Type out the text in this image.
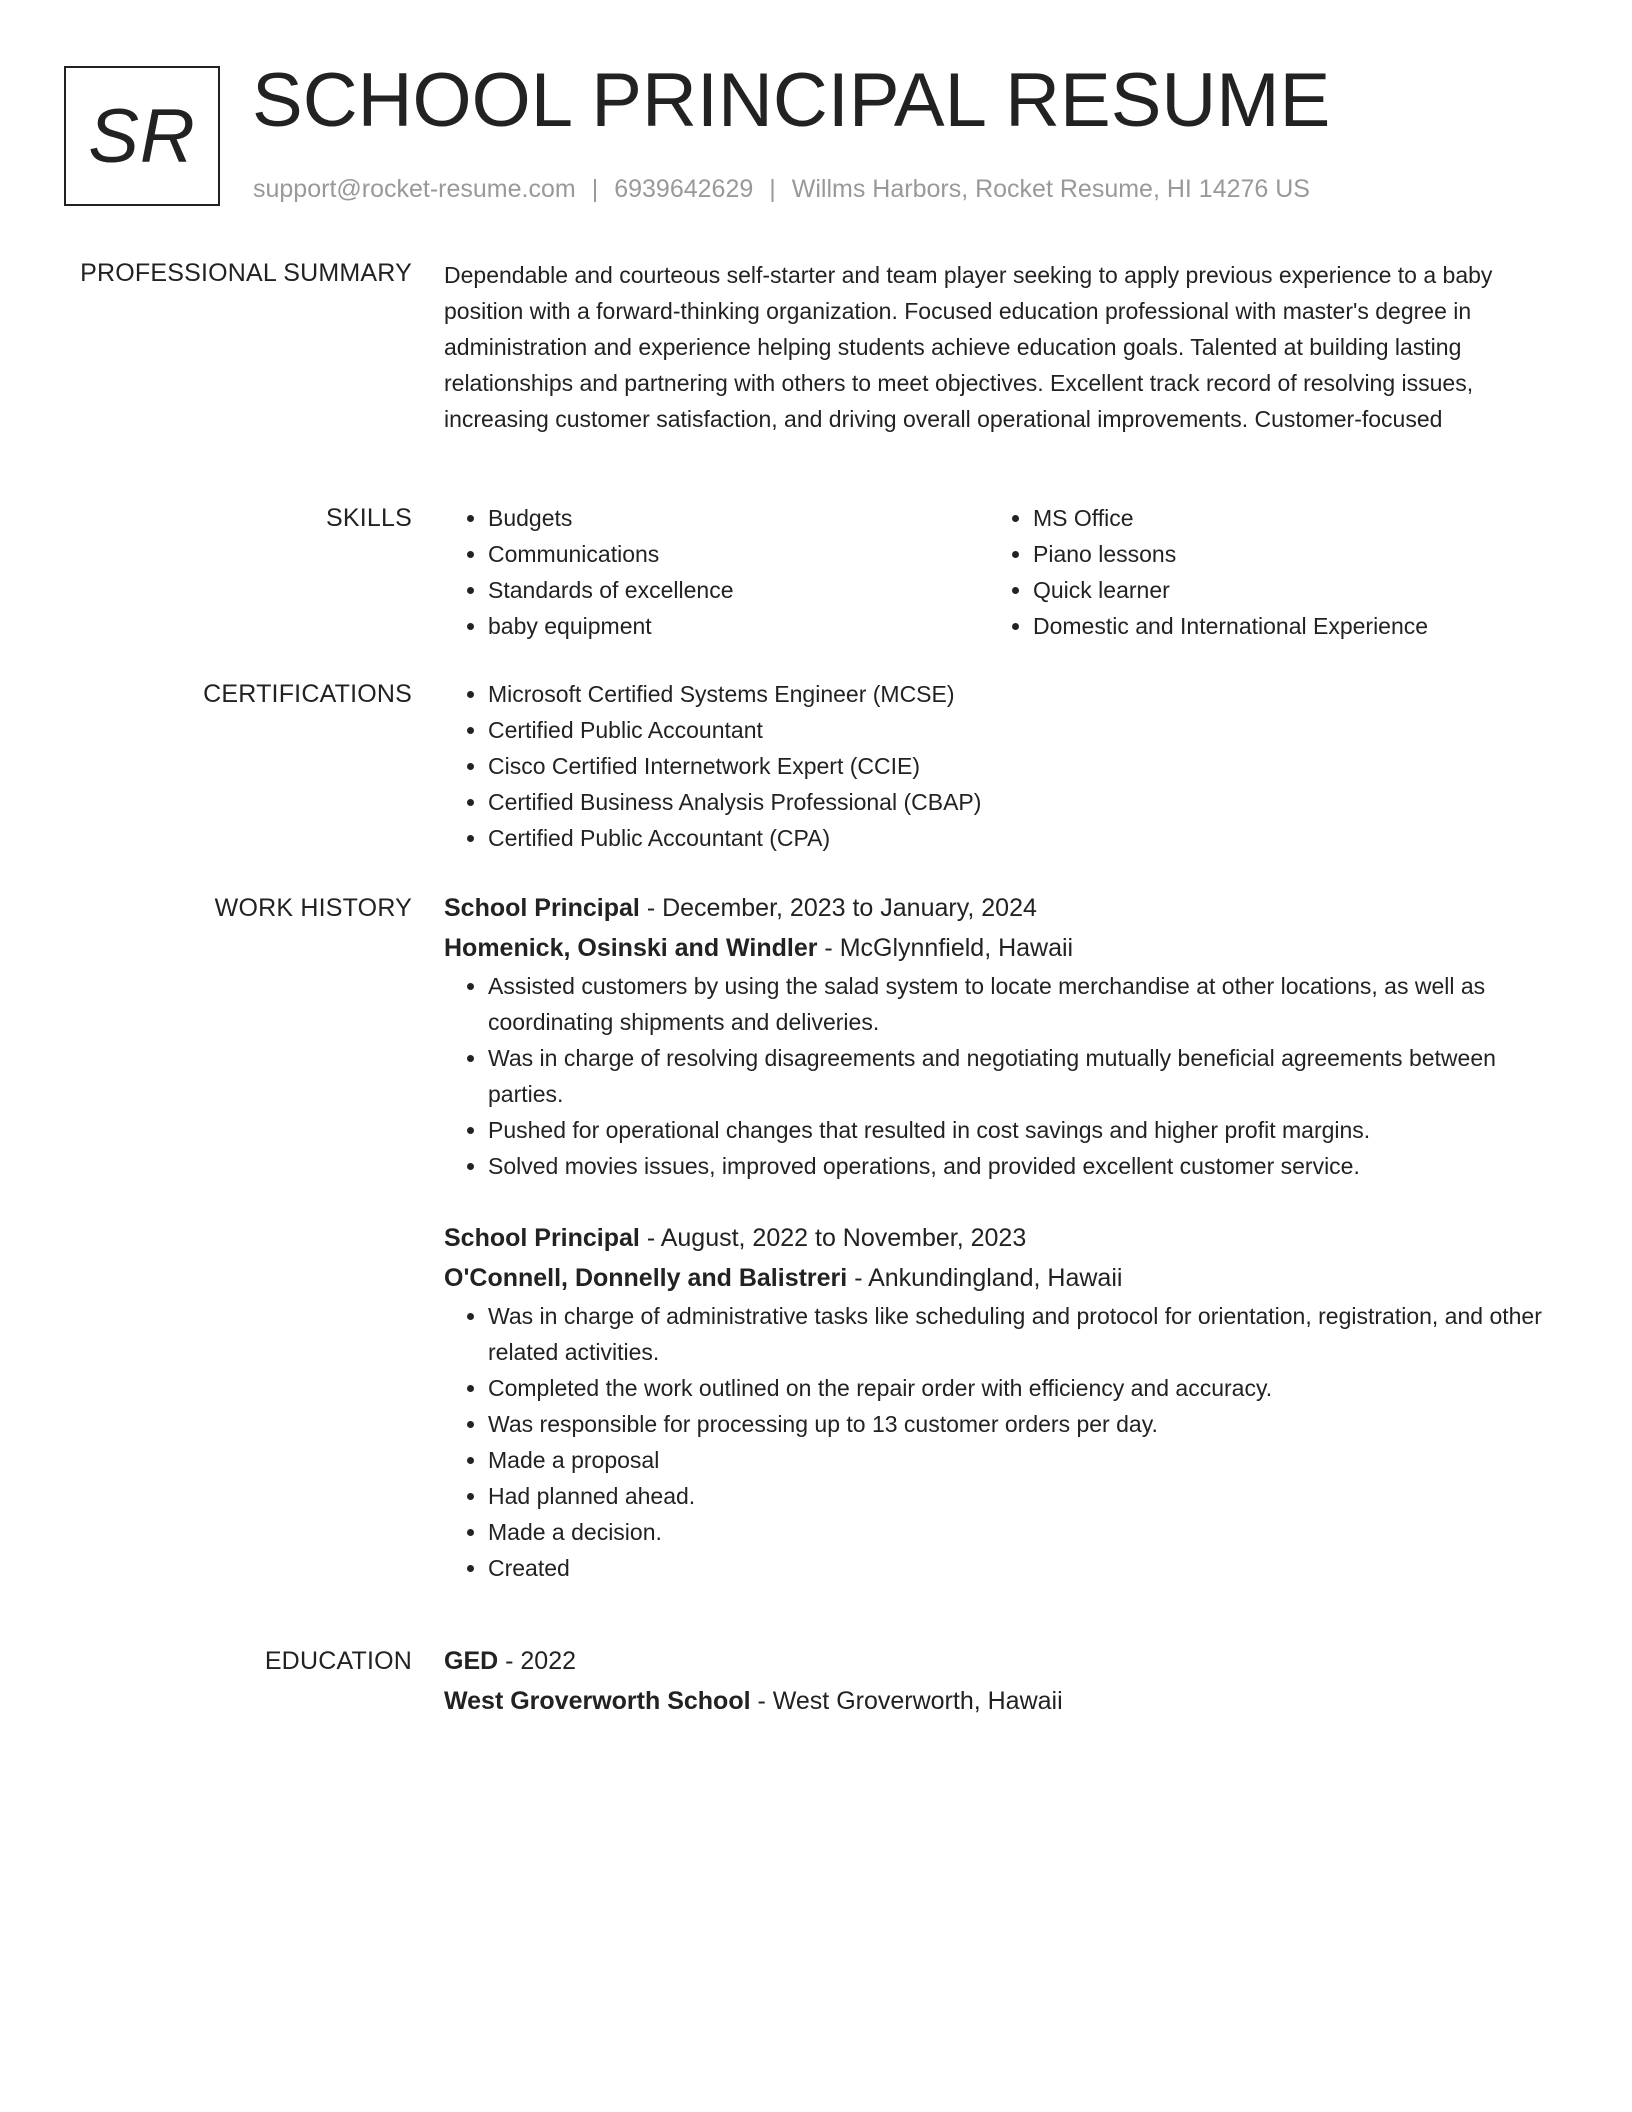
SR SCHOOL PRINCIPAL RESUME
support@rocket-resume.com | 6939642629 | Willms Harbors, Rocket Resume, HI 14276 US
PROFESSIONAL SUMMARY Dependable and courteous self-starter and team player seeking to apply previous experience to a baby position with a forward-thinking organization. Focused education professional with master's degree in administration and experience helping students achieve education goals. Talented at building lasting relationships and partnering with others to meet objectives. Excellent track record of resolving issues, increasing customer satisfaction, and driving overall operational improvements. Customer-focused

SKILLS	• Budgets
• Communications
• Standards of excellence
• baby equipment
• MS Office
• Piano lessons
• Quick learner
• Domestic and International Experience
CERTIFICATIONS	• Microsoft Certified Systems Engineer (MCSE)
• Certified Public Accountant
• Cisco Certified Internetwork Expert (CCIE)
• Certified Business Analysis Professional (CBAP)
• Certified Public Accountant (CPA)
WORK HISTORY School Principal - December, 2023 to January, 2024
Homenick, Osinski and Windler - McGlynnfield, Hawaii
• Assisted customers by using the salad system to locate merchandise at other locations, as well as coordinating shipments and deliveries.
• Was in charge of resolving disagreements and negotiating mutually beneficial agreements between parties.
• Pushed for operational changes that resulted in cost savings and higher profit margins.
• Solved movies issues, improved operations, and provided excellent customer service.
School Principal - August, 2022 to November, 2023
O'Connell, Donnelly and Balistreri - Ankundingland, Hawaii
• Was in charge of administrative tasks like scheduling and protocol for orientation, registration, and other related activities.
• Completed the work outlined on the repair order with efficiency and accuracy.
• Was responsible for processing up to 13 customer orders per day.
• Made a proposal
• Had planned ahead.
• Made a decision.
• Created
EDUCATION GED - 2022
West Groverworth School - West Groverworth, Hawaii
